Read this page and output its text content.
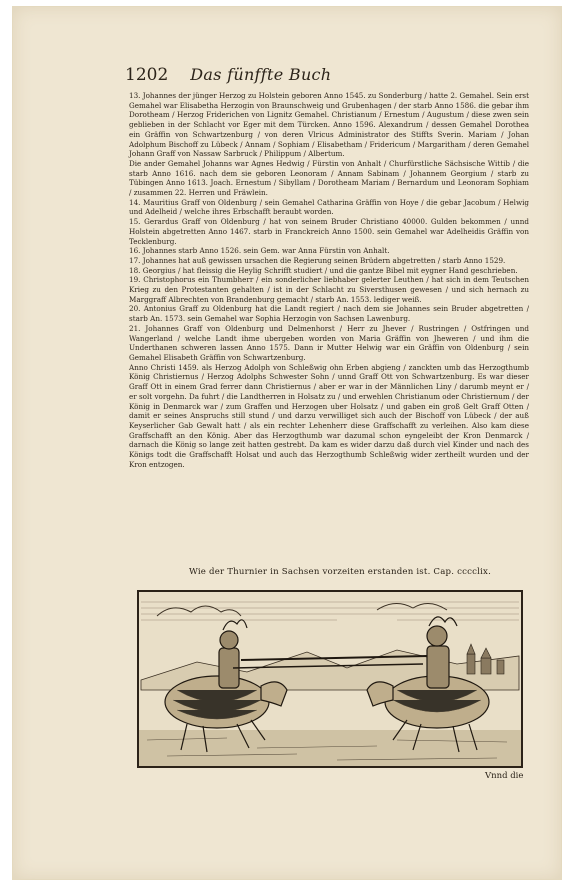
1202 Das fünffte Buch

13. Johannes der jünger Herzog zu Holstein geboren Anno 1545. zu Sonderburg / hatte 2. Gemahel. Sein erst Gemahel war Elisabetha Herzogin von Braunschweig und Grubenhagen / der starb Anno 1586. die gebar ihm Dorotheam / Herzog Friderichen von Lignitz Gemahel. Christianum / Ernestum / Augustum / diese zwen sein geblieben in der Schlacht vor Eger mit dem Türcken. Anno 1596. Alexandrum / dessen Gemahel Dorothea ein Gräffin von Schwartzenburg / von deren Vlricus Administrator des Stiffts Sverin. Mariam / Johan Adolphum Bischoff zu Lübeck / Annam / Sophiam / Elisabetham / Fridericum / Margaritham / deren Gemahel Johann Graff von Nassaw Sarbruck / Philippum / Albertum.

Die ander Gemahel Johanns war Agnes Hedwig / Fürstin von Anhalt / Churfürstliche Sächsische Wittib / die starb Anno 1616. nach dem sie geboren Leonoram / Annam Sabinam / Johannem Georgium / starb zu Tübingen Anno 1613. Joach. Ernestum / Sibyllam / Dorotheam Mariam / Bernardum und Leonoram Sophiam / zusammen 22. Herren und Fräwlein.

14. Mauritius Graff von Oldenburg / sein Gemahel Catharina Gräffin von Hoye / die gebar Jacobum / Helwig und Adelheid / welche ihres Erbschafft beraubt worden.

15. Gerardus Graff von Oldenburg / hat von seinem Bruder Christiano 40000. Gulden bekommen / unnd Holstein abgetretten Anno 1467. starb in Franckreich Anno 1500. sein Gemahel war Adelheidis Gräffin von Tecklenburg.

16. Johannes starb Anno 1526. sein Gem. war Anna Fürstin von Anhalt.

17. Johannes hat auß gewissen ursachen die Regierung seinen Brüdern abgetretten / starb Anno 1529.

18. Georgius / hat fleissig die Heylig Schrifft studiert / und die gantze Bibel mit eygner Hand geschrieben.

19. Christophorus ein Thumbherr / ein sonderlicher liebhaber gelerter Leuthen / hat sich in dem Teutschen Krieg zu den Protestanten gehalten / ist in der Schlacht zu Siversthusen gewesen / und sich hernach zu Marggraff Albrechten von Brandenburg gemacht / starb An. 1553. lediger weiß.

20. Antonius Graff zu Oldenburg hat die Landt regiert / nach dem sie Johannes sein Bruder abgetretten / starb An. 1573. sein Gemahel war Sophia Herzogin von Sachsen Lawenburg.

21. Johannes Graff von Oldenburg und Delmenhorst / Herr zu Jhever / Rustringen / Ostfringen und Wangerland / welche Landt ihme ubergeben worden von Maria Gräffin von Jheweren / und ihm die Underthanen schweren lassen Anno 1575. Dann ir Mutter Helwig war ein Gräffin von Oldenburg / sein Gemahel Elisabeth Gräffin von Schwartzenburg.

Anno Christi 1459. als Herzog Adolph von Schleßwig ohn Erben abgieng / zanckten umb das Herzogthumb König Christiernus / Herzog Adolphs Schwester Sohn / unnd Graff Ott von Schwartzenburg. Es war dieser Graff Ott in einem Grad ferrer dann Christiernus / aber er war in der Männlichen Liny / darumb meynt er / er solt vorgehn. Da fuhrt / die Landtherren in Holsatz zu / und erwehlen Christianum oder Christiernum / der König in Denmarck war / zum Graffen und Herzogen uber Holsatz / und gaben ein groß Gelt Graff Otten / damit er seines Anspruchs still stund / und darzu verwilliget sich auch der Bischoff von Lübeck / der auß Keyserlicher Gab Gewalt hatt / als ein rechter Lehenherr diese Graffschafft zu verleihen. Also kam diese Graffschafft an den König. Aber das Herzogthumb war dazumal schon eyngeleibt der Kron Denmarck / darnach die König so lange zeit hatten gestrebt. Da kam es wider darzu daß durch viel Kinder und nach des Königs todt die Graffschafft Holsat und auch das Herzogthumb Schleßwig wider zertheilt wurden und der Kron entzogen.

Wie der Thurnier in Sachsen vorzeiten erstanden ist. Cap. cccclix.
Vnnd die
